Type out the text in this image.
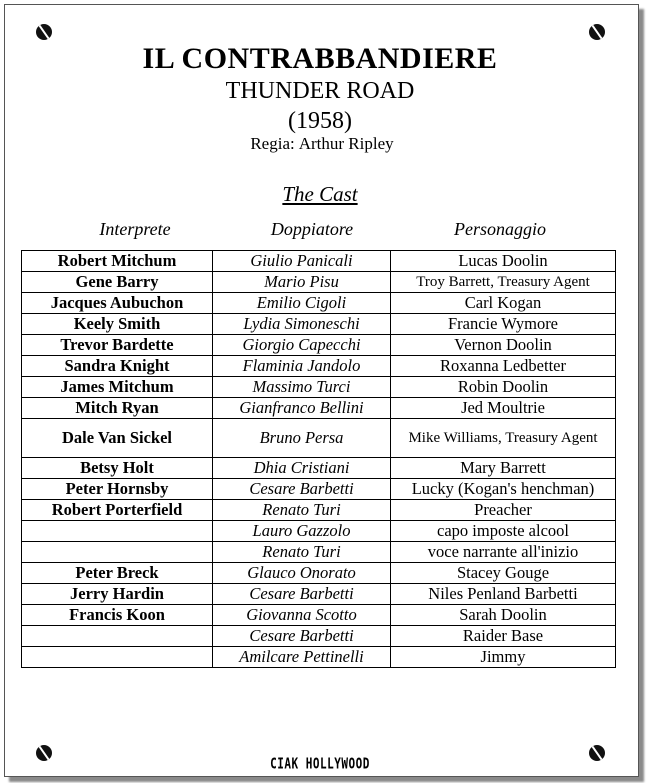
IL CONTRABBANDIERE
THUNDER ROAD
(1958)
Regia: Arthur Ripley
The Cast
Interprete	Doppiatore	Personaggio
Robert Mitchum	Giulio Panicali	Lucas Doolin
Gene Barry	Mario Pisu	Troy Barrett, Treasury Agent
Jacques Aubuchon	Emilio Cigoli	Carl Kogan
Keely Smith	Lydia Simoneschi	Francie Wymore
Trevor Bardette	Giorgio Capecchi	Vernon Doolin
Sandra Knight	Flaminia Jandolo	Roxanna Ledbetter
James Mitchum	Massimo Turci	Robin Doolin
Mitch Ryan	Gianfranco Bellini	Jed Moultrie
Dale Van Sickel	Bruno Persa	Mike Williams, Treasury Agent
Betsy Holt	Dhia Cristiani	Mary Barrett
Peter Hornsby	Cesare Barbetti	Lucky (Kogan's henchman)
Robert Porterfield	Renato Turi	Preacher
	Lauro Gazzolo	capo imposte alcool
	Renato Turi	voce narrante all'inizio
Peter Breck	Glauco Onorato	Stacey Gouge
Jerry Hardin	Cesare Barbetti	Niles Penland Barbetti
Francis Koon	Giovanna Scotto	Sarah Doolin
	Cesare Barbetti	Raider Base
	Amilcare Pettinelli	Jimmy
CIAK HOLLYWOOD
